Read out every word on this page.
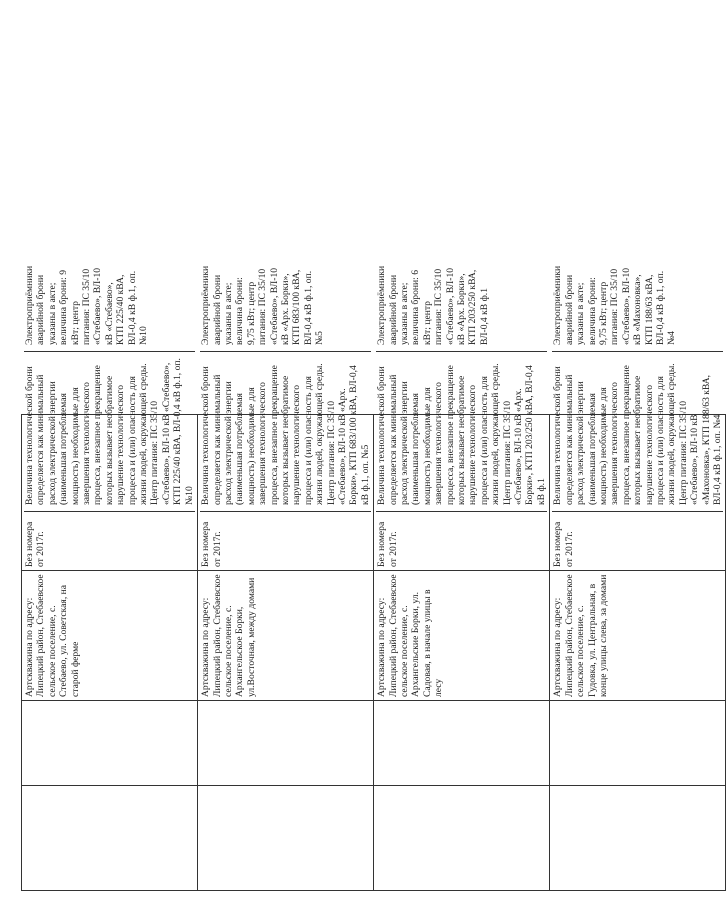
		Артскважина по адресу: Липецкий район, Стебаевское сельское поселение, с. Стебаево, ул. Советская, на старой ферме	Без номера от 2017г.
Величина технологической брони определяется как минимальный расход электрической энергии (наименьшая потребляемая мощность) необходимые для завершения технологического процесса, внезапное прекращение которых вызывает необратимое нарушение технологического процесса и (или) опасность для жизни людей, окружающей среды. Центр питания: ПС 35/10 «Стебаево», ВЛ-10 кВ «Стебаево», КТП 225/40 кВА, ВЛ-0,4 кВ ф.1, оп. №10
Электроприёмники аварийной брони указаны в акте; величина брони: 9 кВт; центр питания: ПС 35/10 «Стебаево», ВЛ-10 кВ «Стебаево», КТП 225/40 кВА, ВЛ-0,4 кВ ф.1, оп. №10

		Артскважина по адресу: Липецкий район, Стебаевское сельское поселение, с. Архангельское Борки, ул.Восточная, между домами	Без номера от 2017г.
Величина технологической брони определяется как минимальный расход электрической энергии (наименьшая потребляемая мощность) необходимые для завершения технологического процесса, внезапное прекращение которых вызывает необратимое нарушение технологического процесса и (или) опасность для жизни людей, окружающей среды. Центр питания: ПС 35/10 «Стебаево», ВЛ-10 кВ «Арх. Борки», КТП 683/100 кВА, ВЛ-0,4 кВ ф.1, оп. №5
Электроприёмники аварийной брони указаны в акте; величина брони: 9,75 кВт; центр питания: ПС 35/10 «Стебаево», ВЛ-10 кВ «Арх. Борки», КТП 683/100 кВА, ВЛ-0,4 кВ ф.1, оп. №5

		Артскважина по адресу: Липецкий район, Стебаевское сельское поселение, с. Архангельские Борки, ул. Садовая, в начале улицы в лесу	Без номера от 2017г.
Величина технологической брони определяется как минимальный расход электрической энергии (наименьшая потребляемая мощность) необходимые для завершения технологического процесса, внезапное прекращение которых вызывает необратимое нарушение технологического процесса и (или) опасность для жизни людей, окружающей среды. Центр питания: ПС 35/10 «Стебаево», ВЛ-10 кВ «Арх. Борки», КТП 203/250 кВА, ВЛ-0,4 кВ ф.1
Электроприёмники аварийной брони указаны в акте; величина брони: 6 кВт; центр питания: ПС 35/10 «Стебаево», ВЛ-10 кВ «Арх. Борки», КТП 203/250 кВА, ВЛ-0,4 кВ ф.1

		Артскважина по адресу: Липецкий район, Стебаевское сельское поселение, с. Гудовка, ул. Центральная, в конце улицы слева, за домами	Без номера от 2017г.
Величина технологической брони определяется как минимальный расход электрической энергии (наименьшая потребляемая мощность) необходимые для завершения технологического процесса, внезапное прекращение которых вызывает необратимое нарушение технологического процесса и (или) опасность для жизни людей, окружающей среды. Центр питания: ПС 35/10 «Стебаево», ВЛ-10 кВ «Махоновка», КТП 188/63 кВА, ВЛ-0,4 кВ ф.1, оп. №4
Электроприёмники аварийной брони указаны в акте; величина брони: 9,75 кВт; центр питания: ПС 35/10 «Стебаево», ВЛ-10 кВ «Махоновка», КТП 188/63 кВА, ВЛ-0,4 кВ ф.1, оп. №4
